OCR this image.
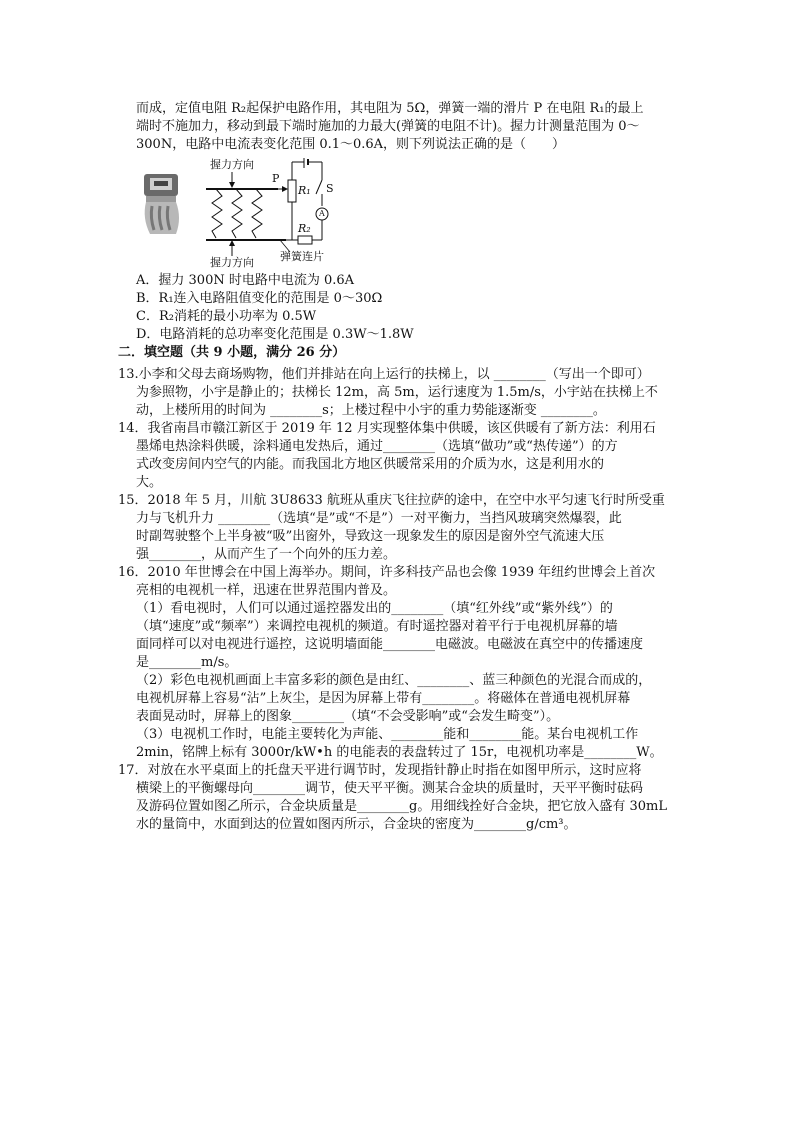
而成，定值电阻 R₂起保护电路作用，其电阻为 5Ω，弹簧一端的滑片 P 在电阻 R₁的最上
端时不施加力，移动到最下端时施加的力最大(弹簧的电阻不计)。握力计测量范围为 0～
300N，电路中电流表变化范围 0.1～0.6A，则下列说法正确的是（　　）
握力方向
握力方向 弹簧连片
P
R₁ S
A
R₂
A．握力 300N 时电路中电流为 0.6A
B．R₁连入电路阻值变化的范围是 0～30Ω
C．R₂消耗的最小功率为 0.5W
D．电路消耗的总功率变化范围是 0.3W～1.8W
二．填空题（共 9 小题，满分 26 分）
13.小李和父母去商场购物，他们并排站在向上运行的扶梯上，以 ________（写出一个即可）
为参照物，小宇是静止的；扶梯长 12m，高 5m，运行速度为 1.5m/s，小宇站在扶梯上不
动，上楼所用的时间为 ________s；上楼过程中小宇的重力势能逐渐变 ________。
14．我省南昌市赣江新区于 2019 年 12 月实现整体集中供暖，该区供暖有了新方法：利用石
墨烯电热涂料供暖，涂料通电发热后，通过________（选填“做功”或“热传递”）的方
式改变房间内空气的内能。而我国北方地区供暖常采用的介质为水，这是利用水的
大。
15．2018 年 5 月，川航 3U8633 航班从重庆飞往拉萨的途中，在空中水平匀速飞行时所受重
力与飞机升力 ________（选填“是”或“不是”）一对平衡力，当挡风玻璃突然爆裂，此
时副驾驶整个上半身被“吸”出窗外，导致这一现象发生的原因是窗外空气流速大压
强________，从而产生了一个向外的压力差。
16．2010 年世博会在中国上海举办。期间，许多科技产品也会像 1939 年纽约世博会上首次
亮相的电视机一样，迅速在世界范围内普及。
（1）看电视时，人们可以通过遥控器发出的________（填“红外线”或“紫外线”）的
（填“速度”或“频率”）来调控电视机的频道。有时遥控器对着平行于电视机屏幕的墙
面同样可以对电视进行遥控，这说明墙面能________电磁波。电磁波在真空中的传播速度
是________m/s。
（2）彩色电视机画面上丰富多彩的颜色是由红、________、蓝三种颜色的光混合而成的，
电视机屏幕上容易“沾”上灰尘，是因为屏幕上带有________。将磁体在普通电视机屏幕
表面晃动时，屏幕上的图象________（填“不会受影响”或“会发生畸变”）。
（3）电视机工作时，电能主要转化为声能、________能和________能。某台电视机工作
2min，铭牌上标有 3000r/kW•h 的电能表的表盘转过了 15r，电视机功率是________W。
17．对放在水平桌面上的托盘天平进行调节时，发现指针静止时指在如图甲所示，这时应将
横梁上的平衡螺母向________调节，使天平平衡。测某合金块的质量时，天平平衡时砝码
及游码位置如图乙所示，合金块质量是________g。用细线拴好合金块，把它放入盛有 30mL
水的量筒中，水面到达的位置如图丙所示，合金块的密度为________g/cm³。
